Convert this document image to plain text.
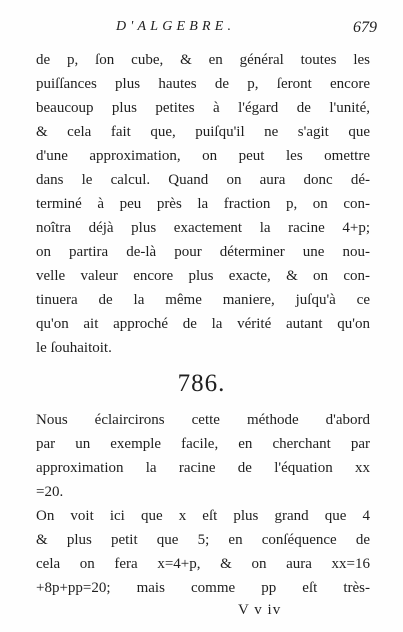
D'ALGEBRE.	679
de p, ſon cube, & en général toutes les
puiſſances plus hautes de p, ſeront encore
beaucoup plus petites à l'égard de l'unité,
& cela fait que, puiſqu'il ne s'agit que
d'une approximation, on peut les omettre
dans le calcul. Quand on aura donc dé-
terminé à peu près la fraction p, on con-
noîtra déjà plus exactement la racine 4+p;
on partira de-là pour déterminer une nou-
velle valeur encore plus exacte, & on con-
tinuera de la même maniere, juſqu'à ce
qu'on ait approché de la vérité autant qu'on
le ſouhaitoit.
786.
Nous éclaircirons cette méthode d'abord
par un exemple facile, en cherchant par
approximation la racine de l'équation xx
=20.
On voit ici que x eſt plus grand que 4
& plus petit que 5; en conſéquence de
cela on fera x=4+p, & on aura xx=16
+8p+pp=20; mais comme pp eſt très-
V v iv
